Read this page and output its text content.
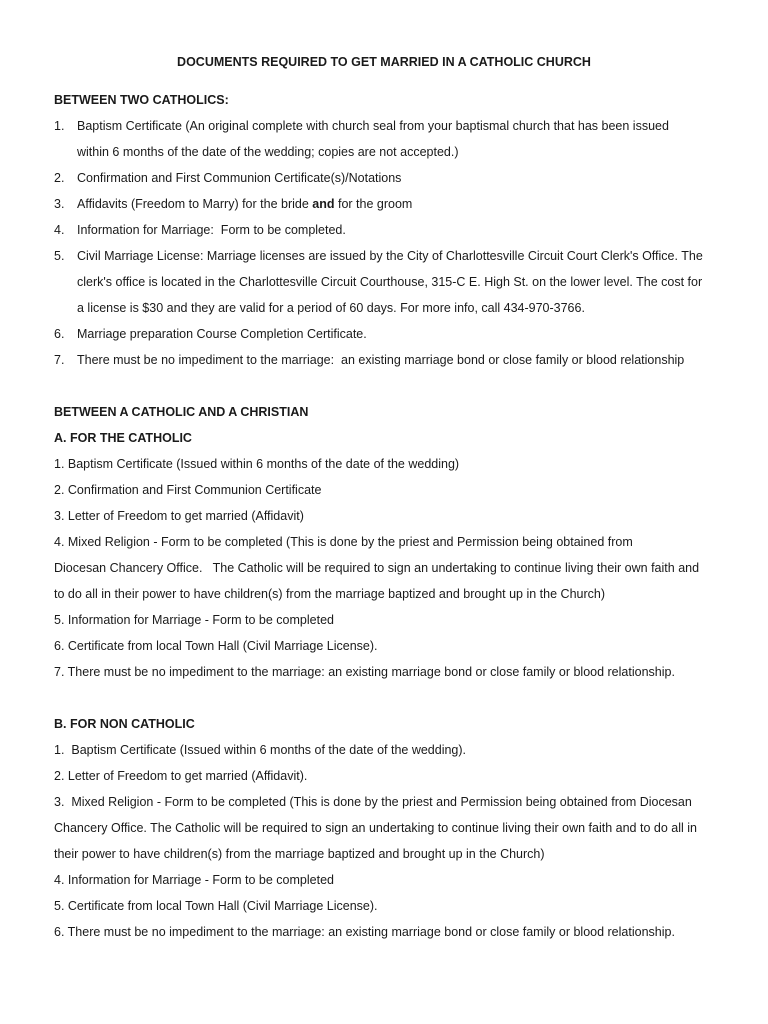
DOCUMENTS REQUIRED TO GET MARRIED IN A CATHOLIC CHURCH
BETWEEN TWO CATHOLICS:
1.	Baptism Certificate (An original complete with church seal from your baptismal church that has been issued
within 6 months of the date of the wedding; copies are not accepted.)
2.	Confirmation and First Communion Certificate(s)/Notations
3.	Affidavits (Freedom to Marry) for the bride and for the groom
4.	Information for Marriage:  Form to be completed.
5.	Civil Marriage License: Marriage licenses are issued by the City of Charlottesville Circuit Court Clerk's Office. The
clerk's office is located in the Charlottesville Circuit Courthouse, 315-C E. High St. on the lower level. The cost for
a license is $30 and they are valid for a period of 60 days. For more info, call 434-970-3766.
6.	Marriage preparation Course Completion Certificate.
7.	There must be no impediment to the marriage:  an existing marriage bond or close family or blood relationship
BETWEEN A CATHOLIC AND A CHRISTIAN
A. FOR THE CATHOLIC
1. Baptism Certificate (Issued within 6 months of the date of the wedding)
2. Confirmation and First Communion Certificate
3. Letter of Freedom to get married (Affidavit)
4. Mixed Religion - Form to be completed (This is done by the priest and Permission being obtained from
Diocesan Chancery Office.   The Catholic will be required to sign an undertaking to continue living their own faith and
to do all in their power to have children(s) from the marriage baptized and brought up in the Church)
5. Information for Marriage - Form to be completed
6. Certificate from local Town Hall (Civil Marriage License).
7. There must be no impediment to the marriage: an existing marriage bond or close family or blood relationship.
B. FOR NON CATHOLIC
1.  Baptism Certificate (Issued within 6 months of the date of the wedding).
2. Letter of Freedom to get married (Affidavit).
3.  Mixed Religion - Form to be completed (This is done by the priest and Permission being obtained from Diocesan
Chancery Office. The Catholic will be required to sign an undertaking to continue living their own faith and to do all in
their power to have children(s) from the marriage baptized and brought up in the Church)
4. Information for Marriage - Form to be completed
5. Certificate from local Town Hall (Civil Marriage License).
6. There must be no impediment to the marriage: an existing marriage bond or close family or blood relationship.
